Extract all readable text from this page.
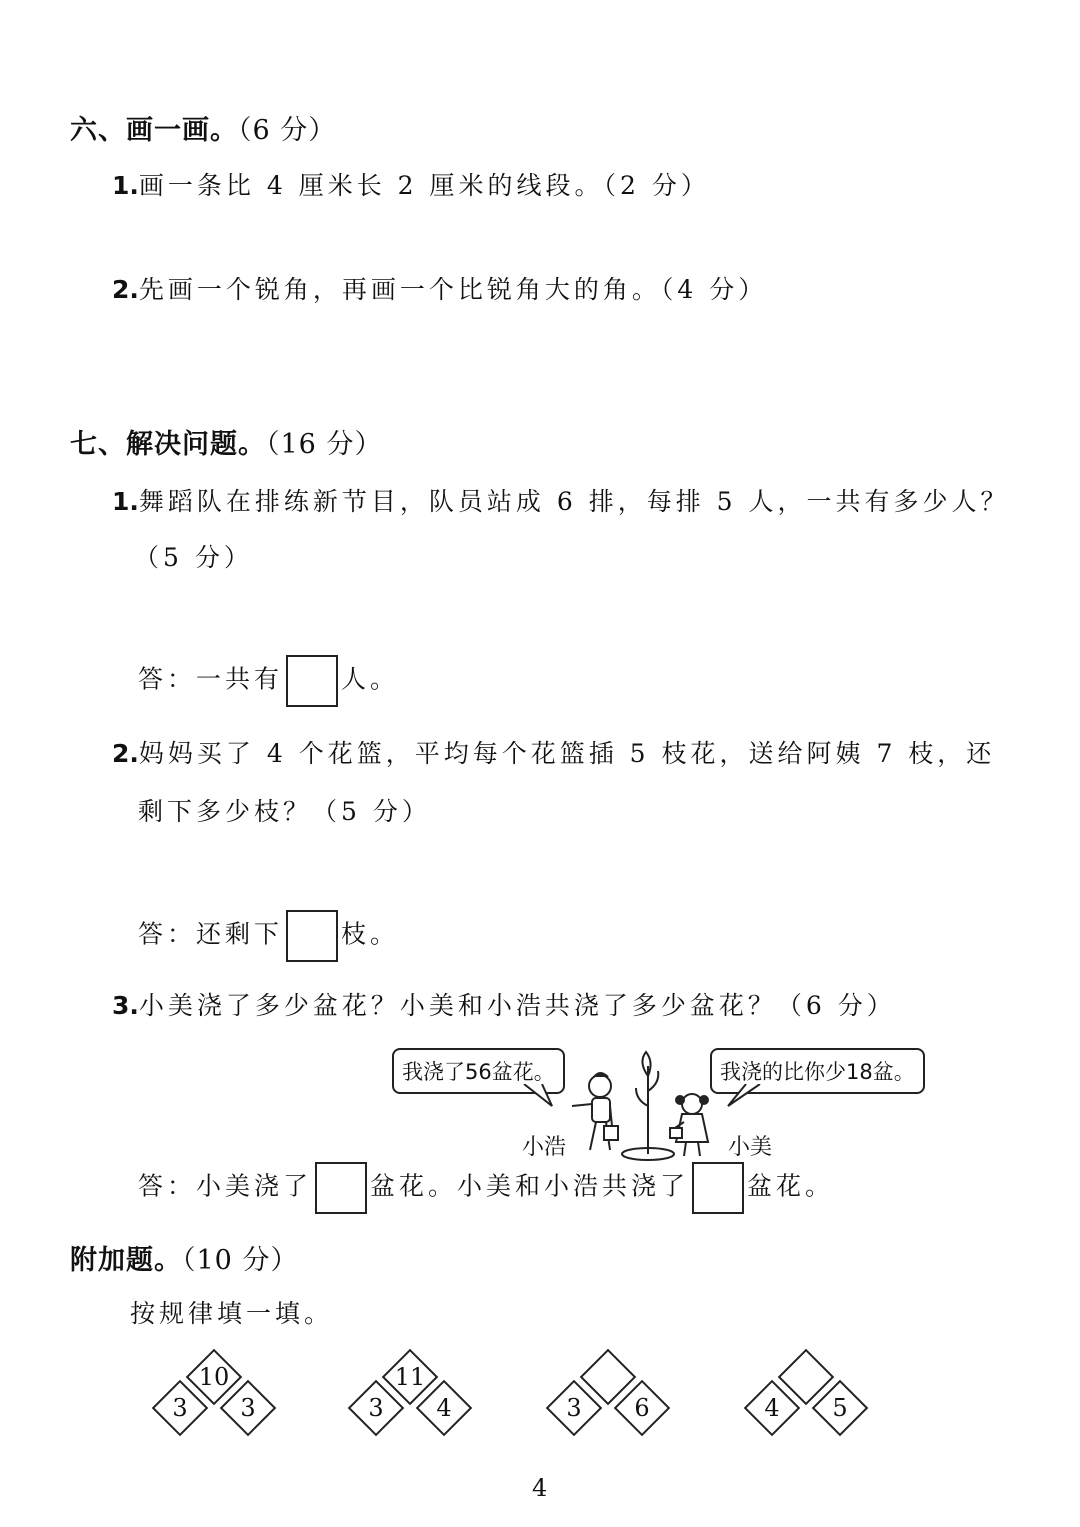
六、画一画。（6 分）
1.画一条比 4 厘米长 2 厘米的线段。（2 分）
2.先画一个锐角，再画一个比锐角大的角。（4 分）
七、解决问题。（16 分）
1.舞蹈队在排练新节目，队员站成 6 排，每排 5 人，一共有多少人？
（5 分）
答：一共有 人。
2.妈妈买了 4 个花篮，平均每个花篮插 5 枝花，送给阿姨 7 枝，还
剩下多少枝？（5 分）
答：还剩下 枝。
3.小美浇了多少盆花？小美和小浩共浇了多少盆花？（6 分）
我浇了56盆花。	我浇的比你少18盆。
小浩	小美
答：小美浇了 盆花。小美和小浩共浇了 盆花。
附加题。（10 分）
按规律填一填。
3	3
10
3	4
11
3	6	4	5
4
